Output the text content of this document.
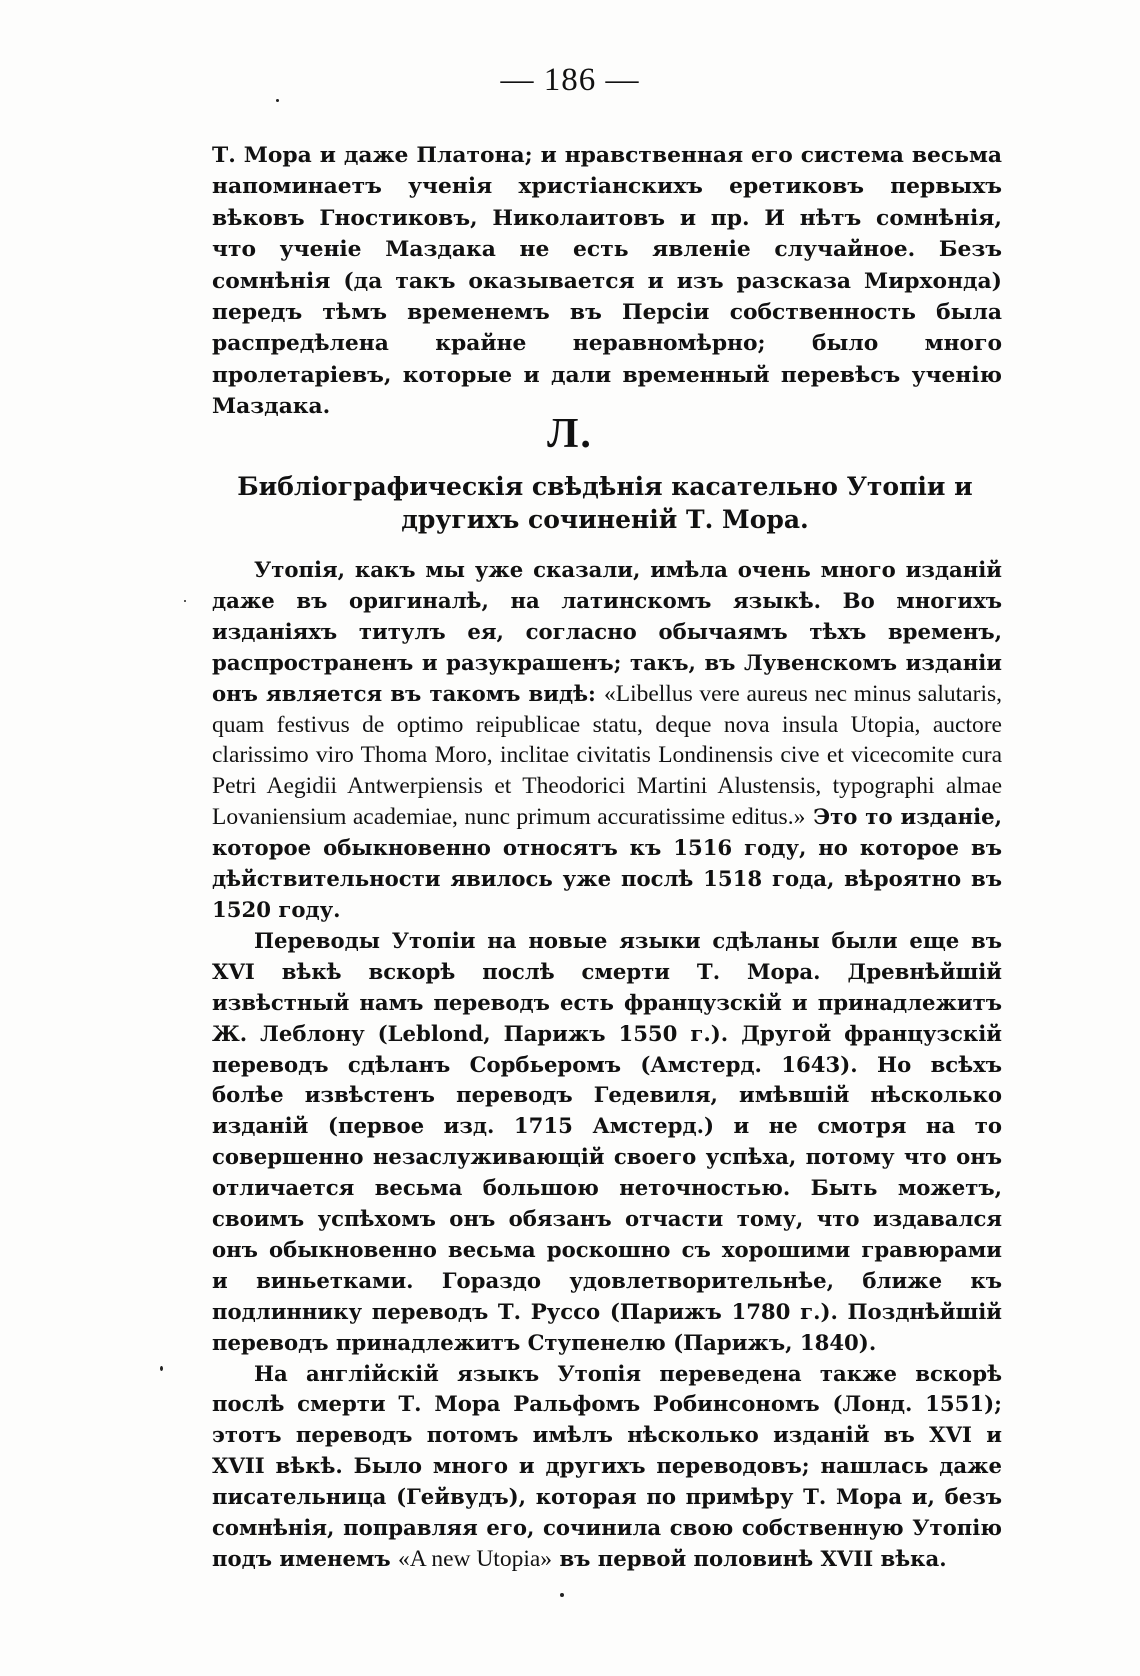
— 186 —
Т. Мора и даже Платона; и нравственная его система весьма напоминаетъ ученія христіанскихъ еретиковъ первыхъ вѣковъ Гностиковъ, Николаитовъ и пр. И нѣтъ сомнѣнія, что ученіе Маздака не есть явленіе случайное. Безъ сомнѣнія (да такъ оказывается и изъ разсказа Мирхонда) передъ тѣмъ временемъ въ Персіи собственность была распредѣлена крайне неравномѣрно; было много пролетаріевъ, которые и дали временный перевѣсъ ученію Маздака.
Л.
Библіографическія свѣдѣнія касательно Утопіи и другихъ сочиненій Т. Мора.

Утопія, какъ мы уже сказали, имѣла очень много изданій даже въ оригиналѣ, на латинскомъ языкѣ. Во многихъ изданіяхъ титулъ ея, согласно обычаямъ тѣхъ временъ, распространенъ и разукрашенъ; такъ, въ Лувенскомъ изданіи онъ является въ такомъ видѣ: «Libellus vere aureus nec minus salutaris, quam festivus de optimo reipublicae statu, deque nova insula Utopia, auctore clarissimo viro Thoma Moro, inclitae civitatis Londinensis cive et vicecomite cura Petri Aegidii Antwerpiensis et Theodorici Martini Alustensis, typographi almae Lovaniensium academiae, nunc primum accuratissime editus.» Это то изданіе, которое обыкновенно относятъ къ 1516 году, но которое въ дѣйствительности явилось уже послѣ 1518 года, вѣроятно въ 1520 году.

Переводы Утопіи на новые языки сдѣланы были еще въ XVI вѣкѣ вскорѣ послѣ смерти Т. Мора. Древнѣйшій извѣстный намъ переводъ есть французскій и принадлежитъ Ж. Леблону (Leblond, Парижъ 1550 г.). Другой французскій переводъ сдѣланъ Сорбьеромъ (Амстерд. 1643). Но всѣхъ болѣе извѣстенъ переводъ Гедевиля, имѣвшій нѣсколько изданій (первое изд. 1715 Амстерд.) и не смотря на то совершенно незаслуживающій своего успѣха, потому что онъ отличается весьма большою неточностью. Быть можетъ, своимъ успѣхомъ онъ обязанъ отчасти тому, что издавался онъ обыкновенно весьма роскошно съ хорошими гравюрами и виньетками. Гораздо удовлетворительнѣе, ближе къ подлиннику переводъ Т. Руссо (Парижъ 1780 г.). Позднѣйшій переводъ принадлежитъ Ступенелю (Парижъ, 1840).

На англійскій языкъ Утопія переведена также вскорѣ послѣ смерти Т. Мора Ральфомъ Робинсономъ (Лонд. 1551); этотъ переводъ потомъ имѣлъ нѣсколько изданій въ XVI и XVII вѣкѣ. Было много и другихъ переводовъ; нашлась даже писательница (Гейвудъ), которая по примѣру Т. Мора и, безъ сомнѣнія, поправляя его, сочинила свою собственную Утопію подъ именемъ «A new Utopia» въ первой половинѣ XVII вѣка.
